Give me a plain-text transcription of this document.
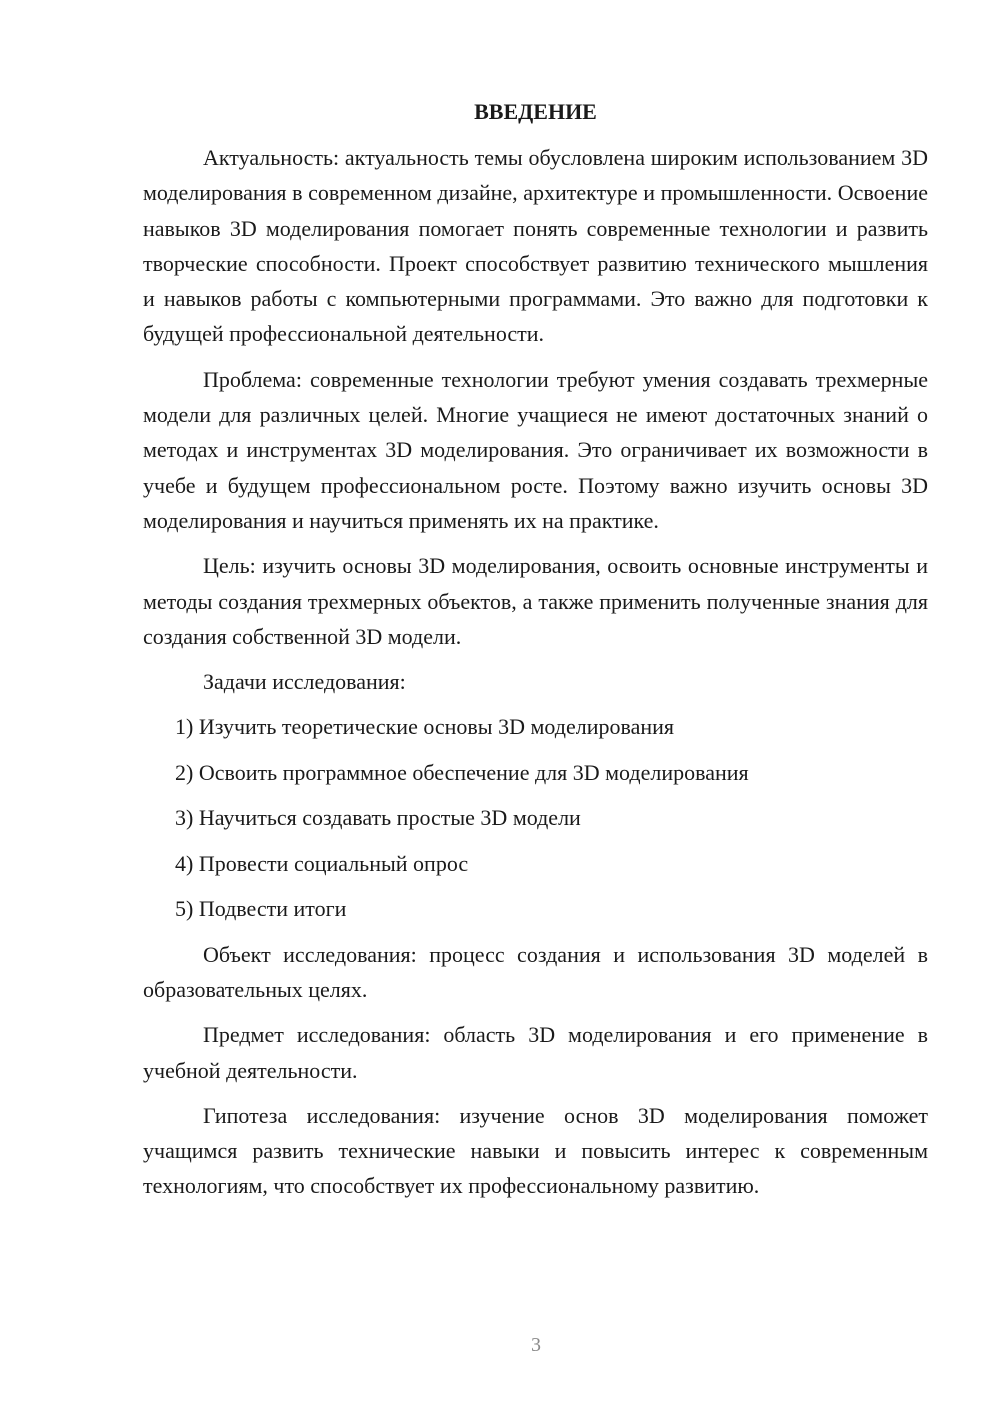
ВВЕДЕНИЕ

Актуальность: актуальность темы обусловлена широким использованием 3D моделирования в современном дизайне, архитектуре и промышленности. Освоение навыков 3D моделирования помогает понять современные технологии и развить творческие способности. Проект способствует развитию технического мышления и навыков работы с компьютерными программами. Это важно для подготовки к будущей профессиональной деятельности.

Проблема: современные технологии требуют умения создавать трехмерные модели для различных целей. Многие учащиеся не имеют достаточных знаний о методах и инструментах 3D моделирования. Это ограничивает их возможности в учебе и будущем профессиональном росте. Поэтому важно изучить основы 3D моделирования и научиться применять их на практике.

Цель: изучить основы 3D моделирования, освоить основные инструменты и методы создания трехмерных объектов, а также применить полученные знания для создания собственной 3D модели.

Задачи исследования:

1) Изучить теоретические основы 3D моделирования
2) Освоить программное обеспечение для 3D моделирования
3) Научиться создавать простые 3D модели
4) Провести социальный опрос
5) Подвести итоги

Объект исследования: процесс создания и использования 3D моделей в образовательных целях.

Предмет исследования: область 3D моделирования и его применение в учебной деятельности.

Гипотеза исследования: изучение основ 3D моделирования поможет учащимся развить технические навыки и повысить интерес к современным технологиям, что способствует их профессиональному развитию.

3
